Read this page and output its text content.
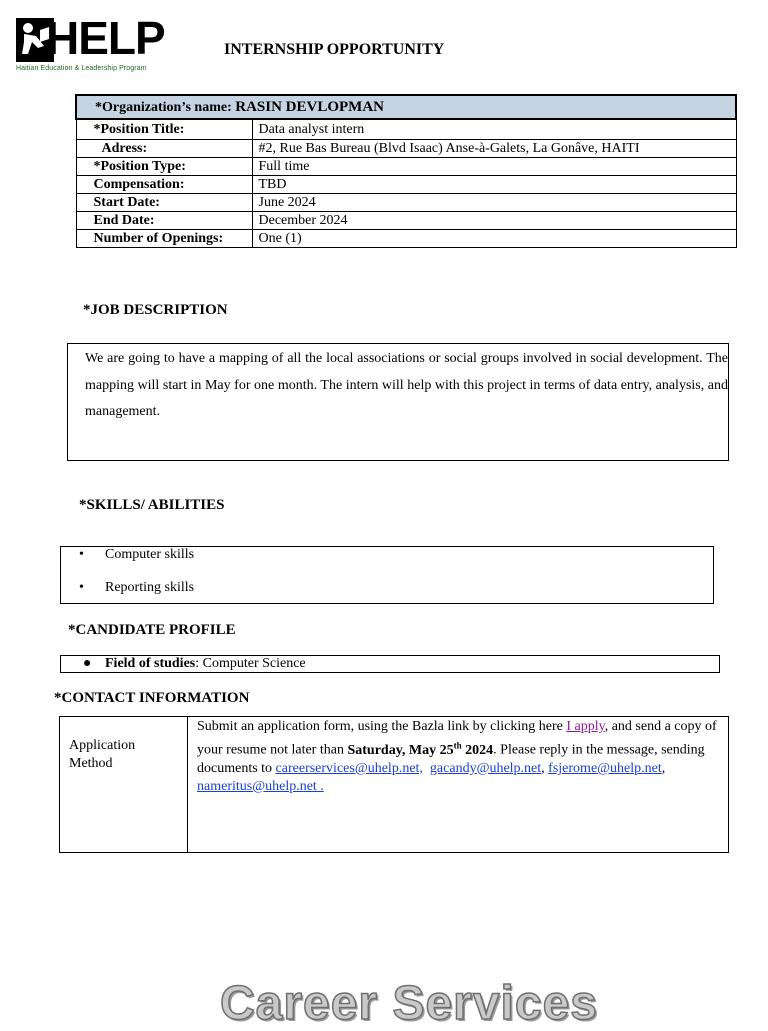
HELP
Haitian Education & Leadership Program
INTERNSHIP OPPORTUNITY
*Organization’s name: RASIN DEVLOPMAN	
*Position Title:	Data analyst intern
Adress:	#2, Rue Bas Bureau (Blvd Isaac) Anse-à-Galets, La Gonâve, HAITI
*Position Type:	Full time
Compensation:	TBD
Start Date:	June 2024
End Date:	December 2024
Number of Openings:	One (1)
*JOB DESCRIPTION

We are going to have a mapping of all the local associations or social groups involved in social development. The mapping will start in May for one month. The intern will help with this project in terms of data entry, analysis, and management.

*SKILLS/ ABILITIES
• Computer skills
• Reporting skills
*CANDIDATE PROFILE
● Field of studies: Computer Science
*CONTACT INFORMATION
Application
Method
	Submit an application form, using the Bazla link by clicking here I apply, and send a copy of your resume not later than Saturday, May 25th 2024. Please reply in the message, sending documents to careerservices@uhelp.net, gacandy@uhelp.net, fsjerome@uhelp.net, nameritus@uhelp.net .
Career Services
